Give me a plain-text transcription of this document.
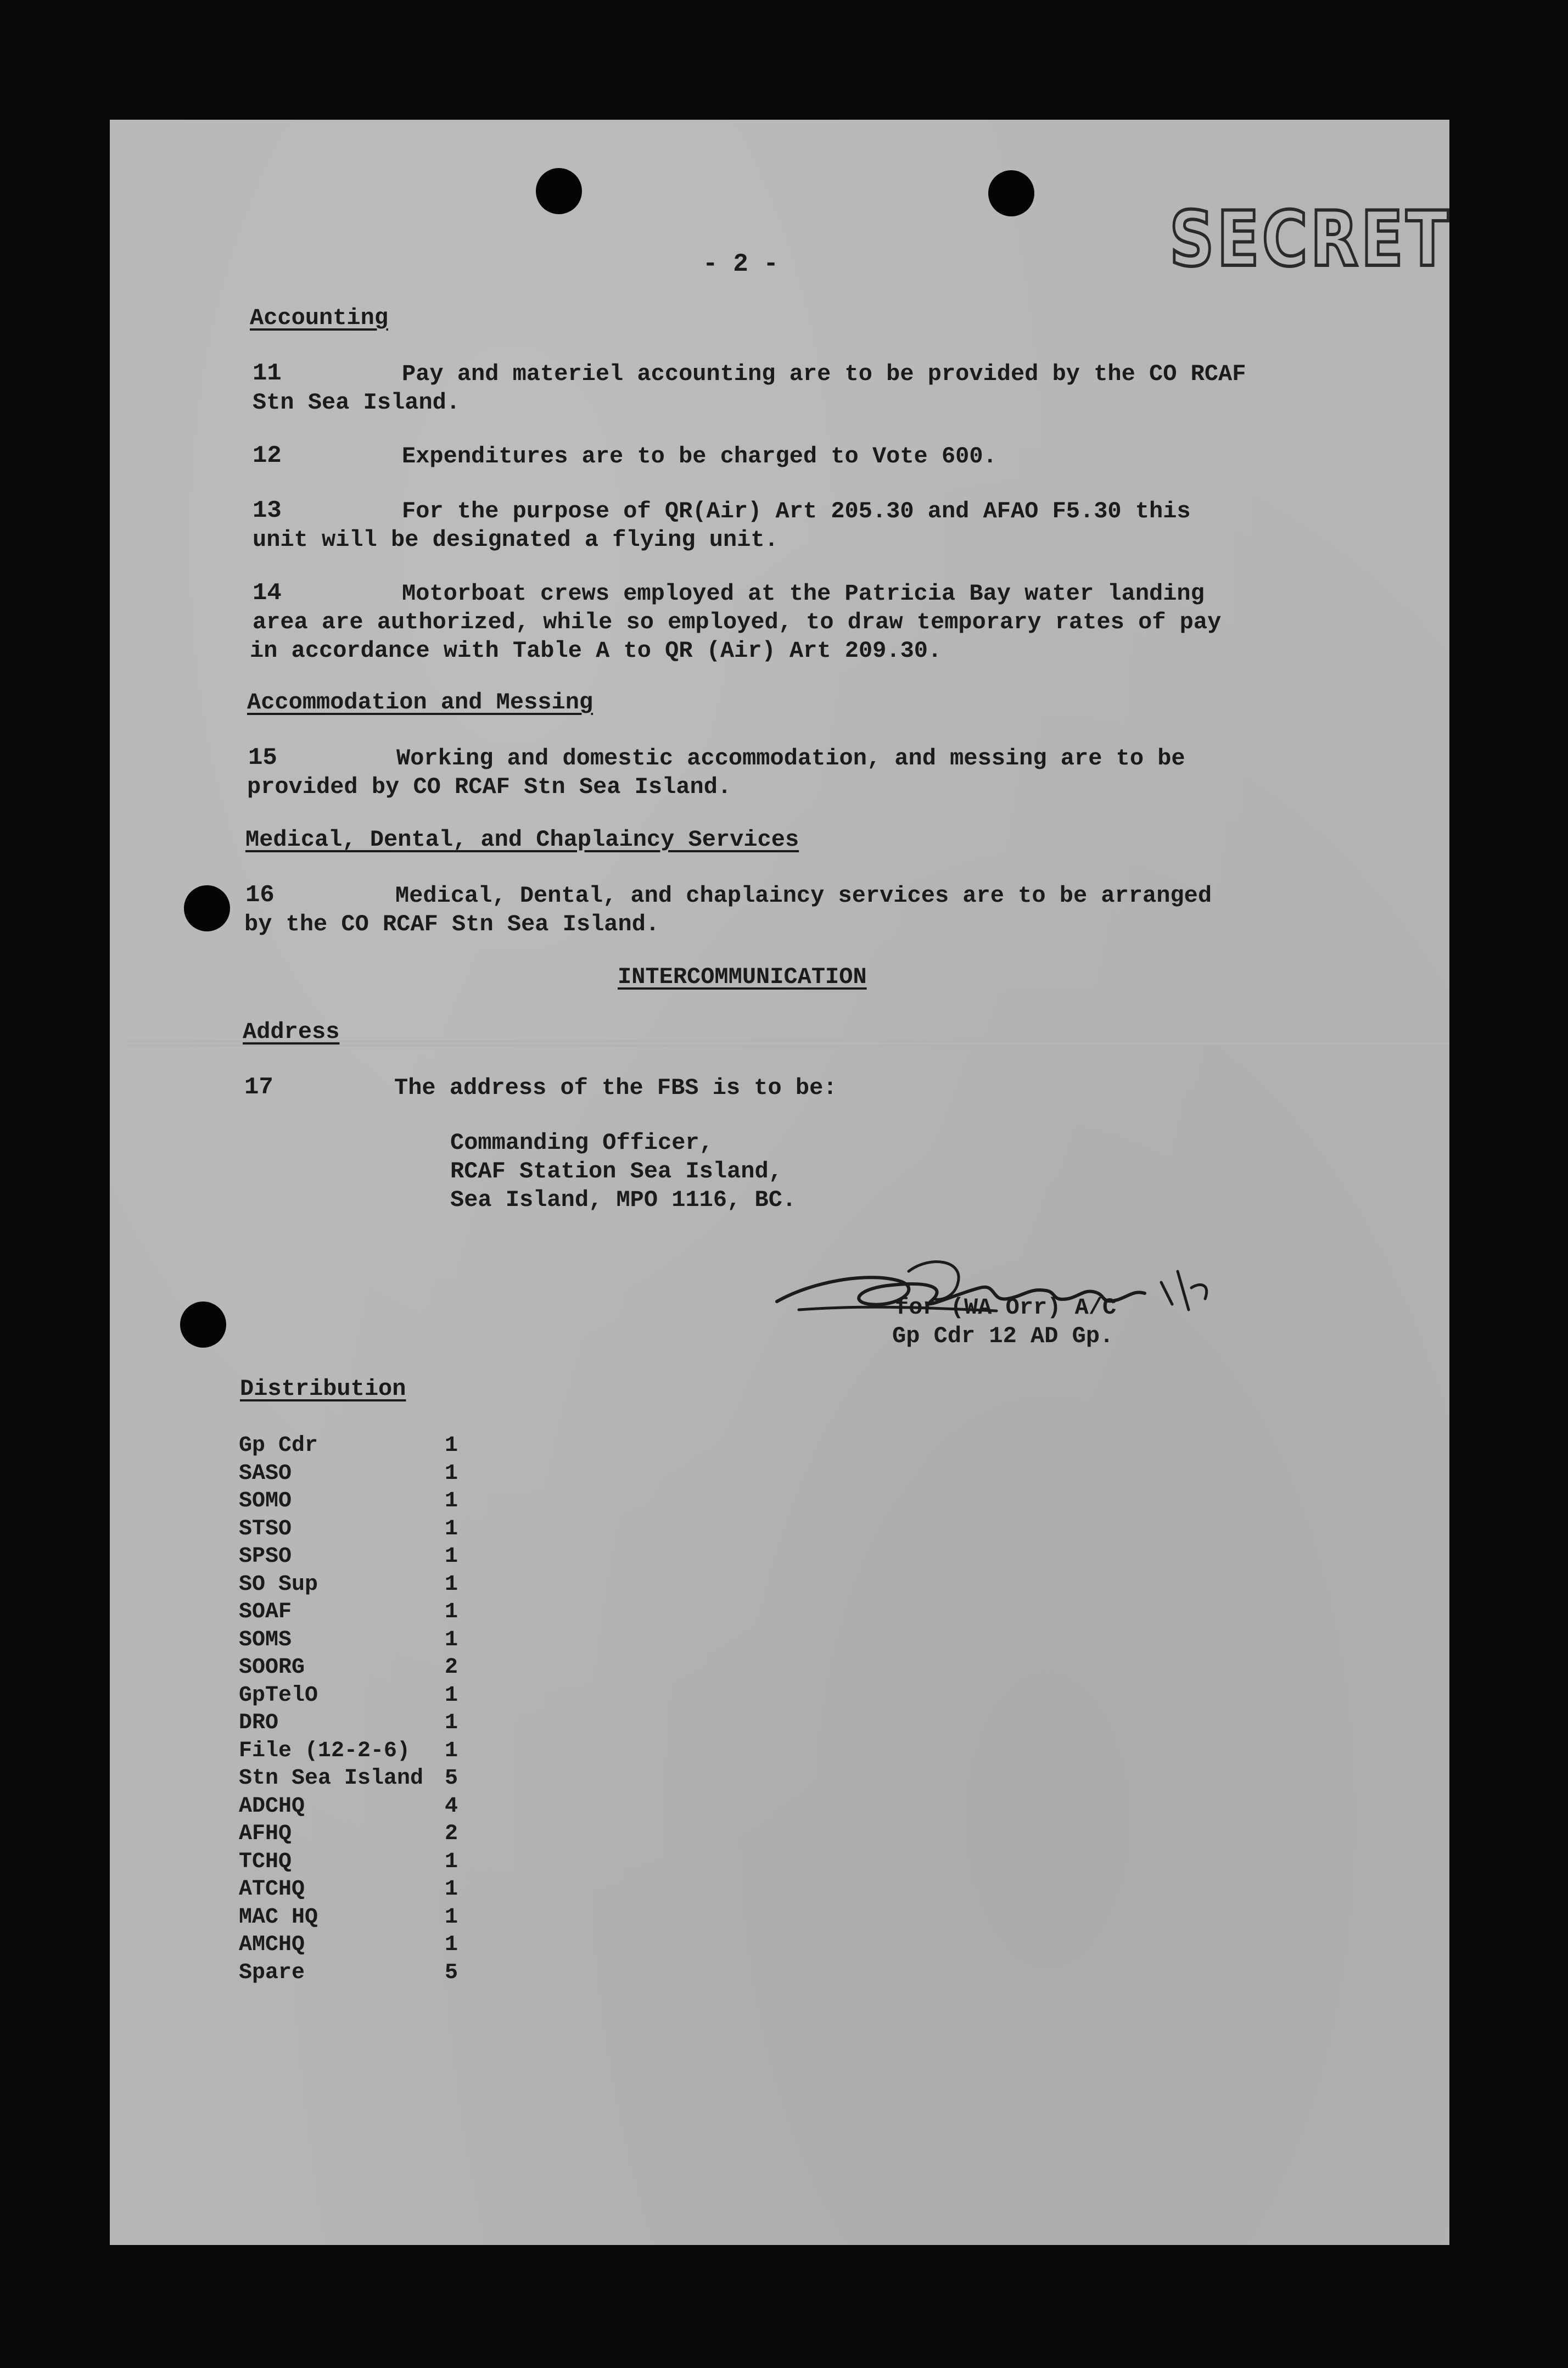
SECRET
- 2 -
Accounting
11	Pay and materiel accounting are to be provided by the CO RCAF
Stn Sea Island.
12	Expenditures are to be charged to Vote 600.
13	For the purpose of QR(Air) Art 205.30 and AFAO F5.30 this
unit will be designated a flying unit.
14	Motorboat crews employed at the Patricia Bay water landing
area are authorized, while so employed, to draw temporary rates of pay
in accordance with Table A to QR (Air) Art 209.30.
Accommodation and Messing
15	Working and domestic accommodation, and messing are to be
provided by CO RCAF Stn Sea Island.
Medical, Dental, and Chaplaincy Services
16	Medical, Dental, and chaplaincy services are to be arranged
by the CO RCAF Stn Sea Island.
INTERCOMMUNICATION
Address
17	The address of the FBS is to be:
Commanding Officer,
RCAF Station Sea Island,
Sea Island, MPO 1116, BC.
for (WA Orr) A/C
Gp Cdr 12 AD Gp.
Distribution
Gp Cdr	1
SASO	1
SOMO	1
STSO	1
SPSO	1
SO Sup	1
SOAF	1
SOMS	1
SOORG	2
GpTelO	1
DRO	1
File (12-2-6) 1
Stn Sea Island 5
ADCHQ	4
AFHQ	2
TCHQ	1
ATCHQ	1
MAC HQ	1
AMCHQ	1
Spare	5
